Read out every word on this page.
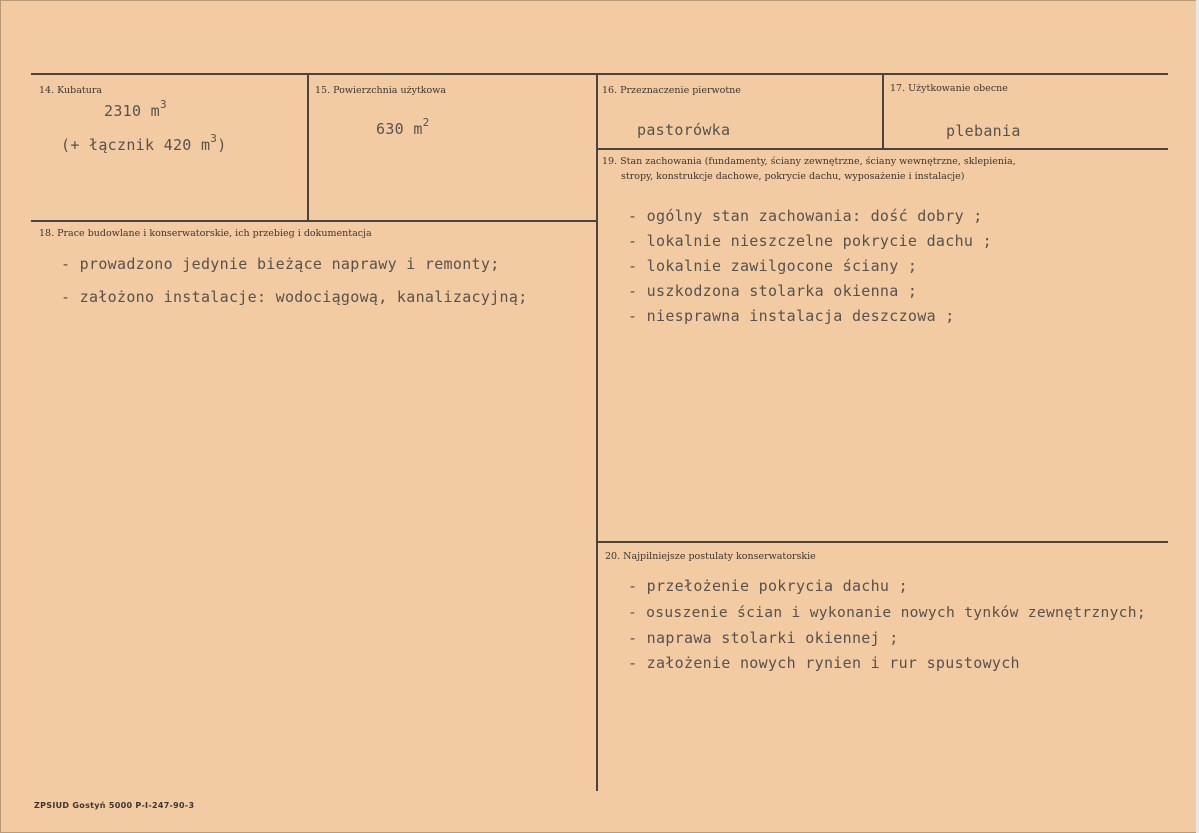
14. Kubatura
2310 $m^3$
(+ łącznik 420 $m^3$)
15. Powierzchnia użytkowa
630 $m^2$
16. Przeznaczenie pierwotne
pastorówka
17. Użytkowanie obecne
plebania
18. Prace budowlane i konserwatorskie, ich przebieg i dokumentacja
- prowadzono jedynie bieżące naprawy i remonty;
- założono instalacje: wodociągową, kanalizacyjną;
19. Stan zachowania (fundamenty, ściany zewnętrzne, ściany wewnętrzne, sklepienia,
stropy, konstrukcje dachowe, pokrycie dachu, wyposażenie i instalacje)
- ogólny stan zachowania: dość dobry ;
- lokalnie nieszczelne pokrycie dachu ;
- lokalnie zawilgocone ściany ;
- uszkodzona stolarka okienna ;
- niesprawna instalacja deszczowa ;
20. Najpilniejsze postulaty konserwatorskie
- przełożenie pokrycia dachu ;
- osuszenie ścian i wykonanie nowych tynków zewnętrznych;
- naprawa stolarki okiennej ;
- założenie nowych rynien i rur spustowych
ZPSIUD Gostyń 5000 P-I-247-90-3
